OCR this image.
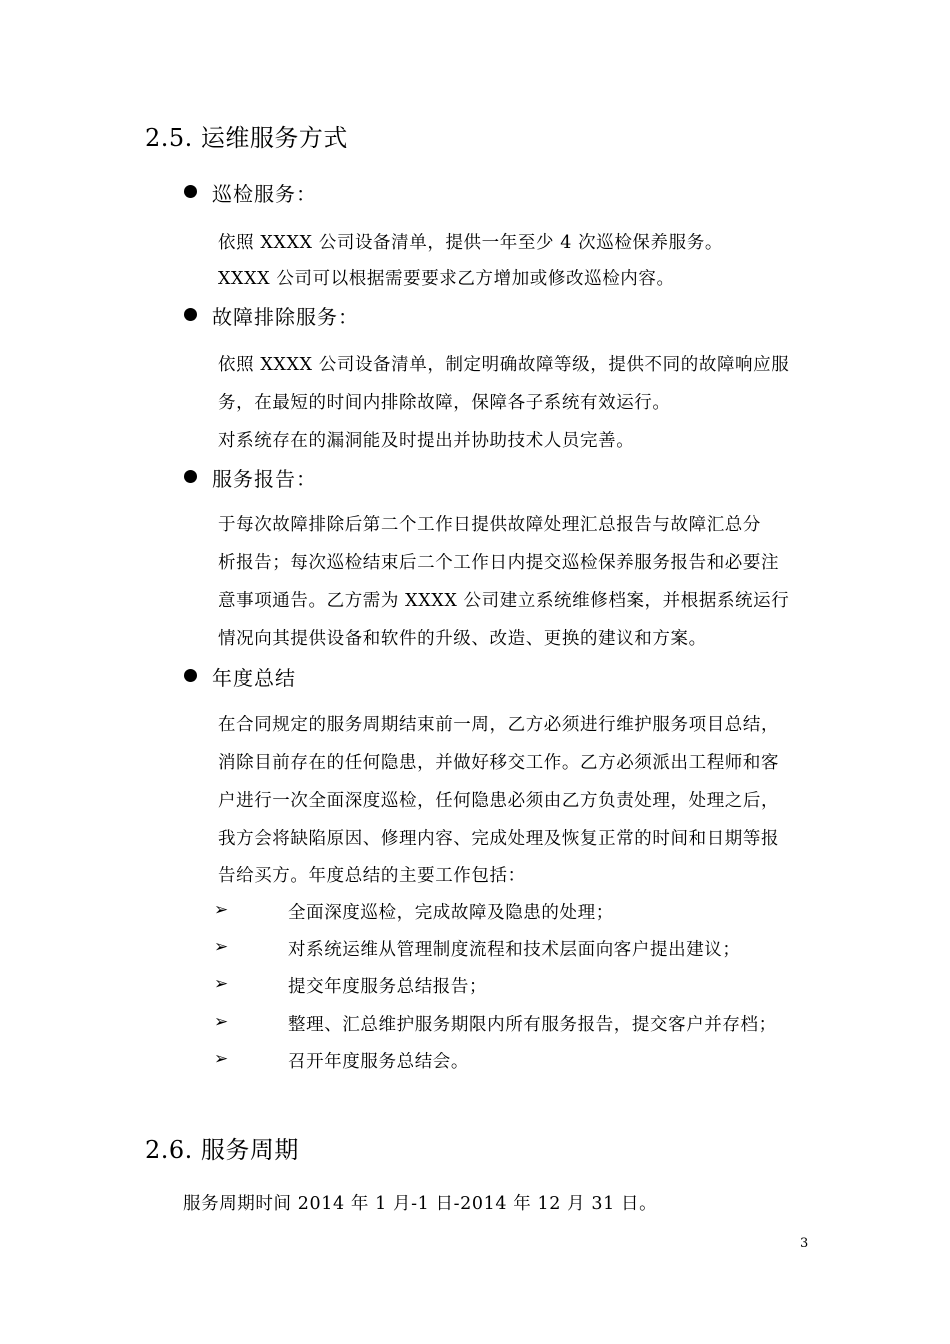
2.5. 运维服务方式
巡检服务：
依照 XXXX 公司设备清单，提供一年至少 4 次巡检保养服务。
XXXX 公司可以根据需要要求乙方增加或修改巡检内容。
故障排除服务：
依照 XXXX 公司设备清单，制定明确故障等级，提供不同的故障响应服
务，在最短的时间内排除故障，保障各子系统有效运行。
对系统存在的漏洞能及时提出并协助技术人员完善。
服务报告：
于每次故障排除后第二个工作日提供故障处理汇总报告与故障汇总分
析报告；每次巡检结束后二个工作日内提交巡检保养服务报告和必要注
意事项通告。乙方需为 XXXX 公司建立系统维修档案，并根据系统运行
情况向其提供设备和软件的升级、改造、更换的建议和方案。
年度总结
在合同规定的服务周期结束前一周，乙方必须进行维护服务项目总结，
消除目前存在的任何隐患，并做好移交工作。乙方必须派出工程师和客
户进行一次全面深度巡检，任何隐患必须由乙方负责处理，处理之后，
我方会将缺陷原因、修理内容、完成处理及恢复正常的时间和日期等报
告给买方。年度总结的主要工作包括：
➢	全面深度巡检，完成故障及隐患的处理；
➢	对系统运维从管理制度流程和技术层面向客户提出建议；
➢	提交年度服务总结报告；
➢	整理、汇总维护服务期限内所有服务报告，提交客户并存档；
➢	召开年度服务总结会。
2.6. 服务周期
服务周期时间 2014 年 1 月-1 日-2014 年 12 月 31 日。
3
